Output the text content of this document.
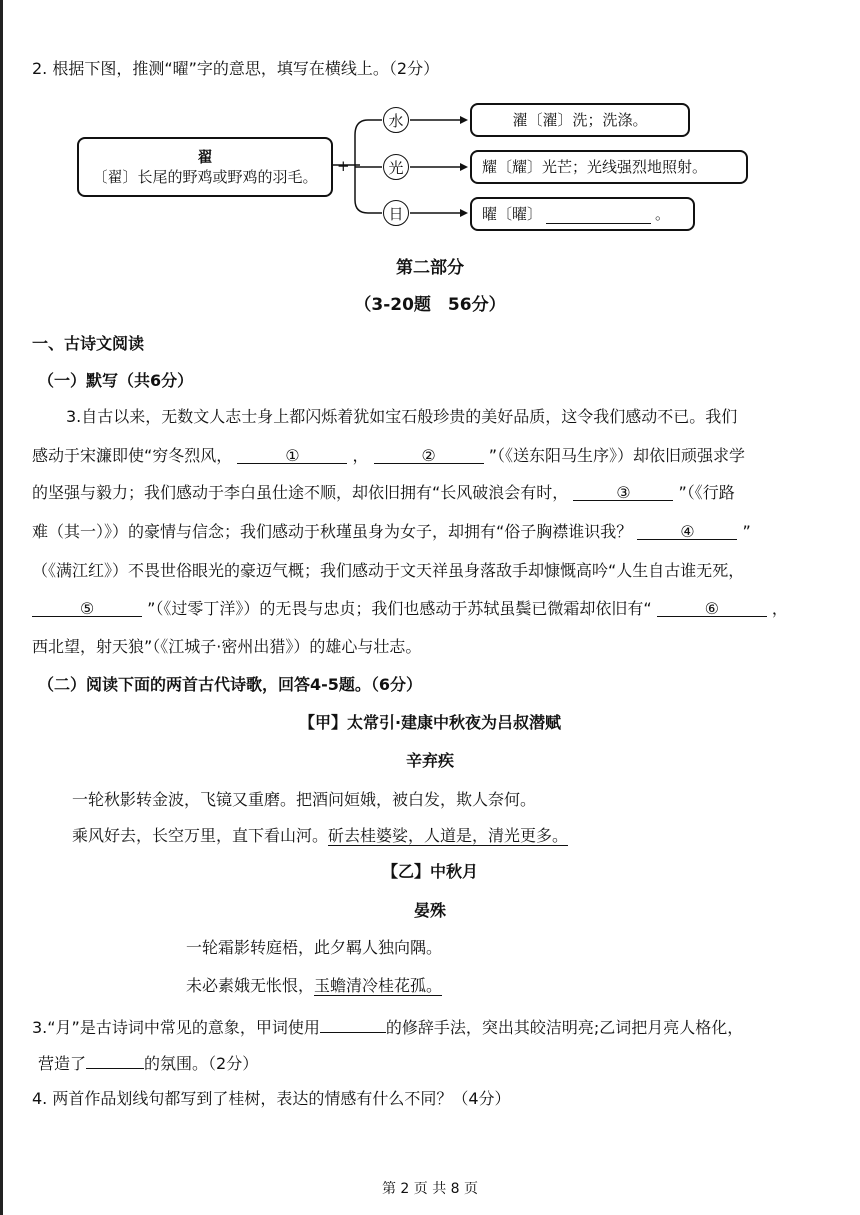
2. 根据下图，推测“曜”字的意思，填写在横线上。（2分）
翟
〔翟〕长尾的野鸡或野鸡的羽毛。
+
水
光
日
濯〔濯〕洗；洗涤。
耀〔耀〕光芒；光线强烈地照射。
曜〔曜〕	。
第二部分
（3-20题　56分）
一、古诗文阅读
（一）默写（共6分）
3.自古以来，无数文人志士身上都闪烁着犹如宝石般珍贵的美好品质，这令我们感动不已。我们
感动于宋濂即使“穷冬烈风，	①	，	②	”（《送东阳马生序》）却依旧顽强求学
的坚强与毅力；我们感动于李白虽仕途不顺，却依旧拥有“长风破浪会有时，	③	”（《行路
难（其一）》）的豪情与信念；我们感动于秋瑾虽身为女子，却拥有“俗子胸襟谁识我？	④	”
（《满江红》）不畏世俗眼光的豪迈气概；我们感动于文天祥虽身落敌手却慷慨高吟“人生自古谁无死，
⑤	”（《过零丁洋》）的无畏与忠贞；我们也感动于苏轼虽鬓已微霜却依旧有“	⑥	，
西北望，射天狼”（《江城子·密州出猎》）的雄心与壮志。
（二）阅读下面的两首古代诗歌，回答4-5题。（6分）
【甲】太常引·建康中秋夜为吕叔潜赋
辛弃疾
一轮秋影转金波，飞镜又重磨。把酒问姮娥，被白发，欺人奈何。
乘风好去，长空万里，直下看山河。斫去桂婆娑，人道是，清光更多。
【乙】中秋月
晏殊
一轮霜影转庭梧，此夕羁人独向隅。
未必素娥无怅恨，玉蟾清冷桂花孤。
3.“月”是古诗词中常见的意象，甲词使用	的修辞手法，突出其皎洁明亮;乙词把月亮人格化，
营造了	的氛围。（2分）
4. 两首作品划线句都写到了桂树，表达的情感有什么不同？（4分）
第 2 页 共 8 页
